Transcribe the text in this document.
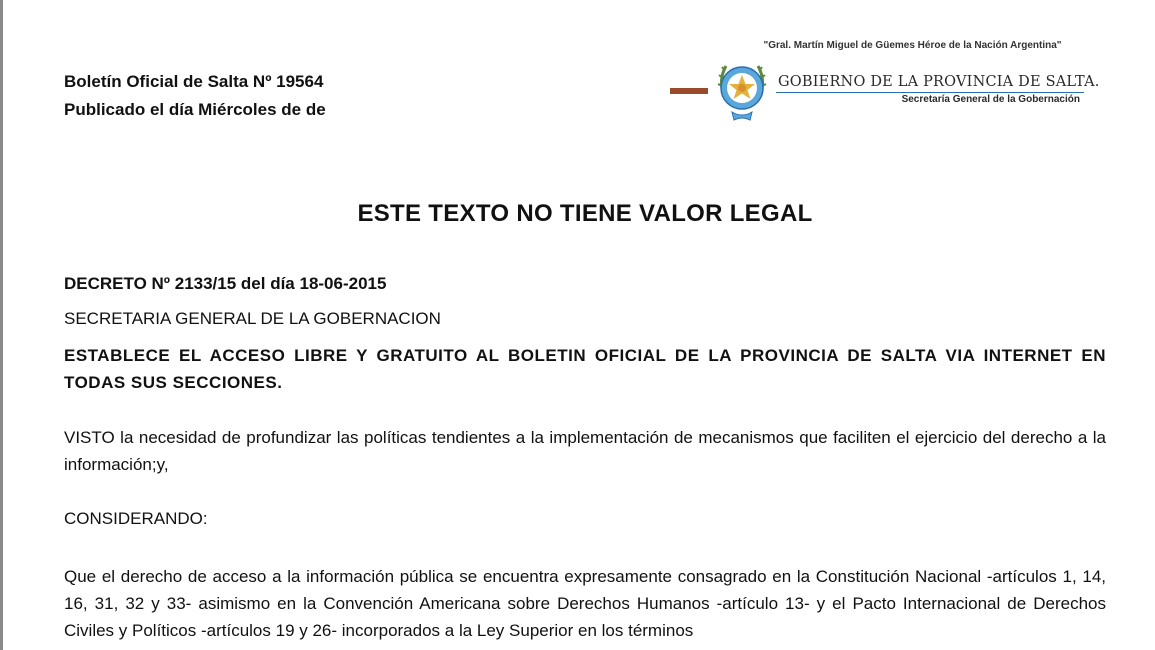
Boletín Oficial de Salta Nº 19564
Publicado el día Miércoles de de
"Gral. Martín Miguel de Güemes Héroe de la Nación Argentina"
GOBIERNO DE LA PROVINCIA DE SALTA.
Secretaría General de la Gobernación
ESTE TEXTO NO TIENE VALOR LEGAL
DECRETO Nº 2133/15 del día 18-06-2015
SECRETARIA GENERAL DE LA GOBERNACION
ESTABLECE EL ACCESO LIBRE Y GRATUITO AL BOLETIN OFICIAL DE LA PROVINCIA DE SALTA VIA INTERNET EN TODAS SUS SECCIONES.
VISTO la necesidad de profundizar las políticas tendientes a la implementación de mecanismos que faciliten el ejercicio del derecho a la información;y,
CONSIDERANDO:
Que el derecho de acceso a la información pública se encuentra expresamente consagrado en la Constitución Nacional -artículos 1, 14, 16, 31, 32 y 33- asimismo en la Convención Americana sobre Derechos Humanos -artículo 13- y el Pacto Internacional de Derechos Civiles y Políticos -artículos 19 y 26- incorporados a la Ley Superior en los términos
